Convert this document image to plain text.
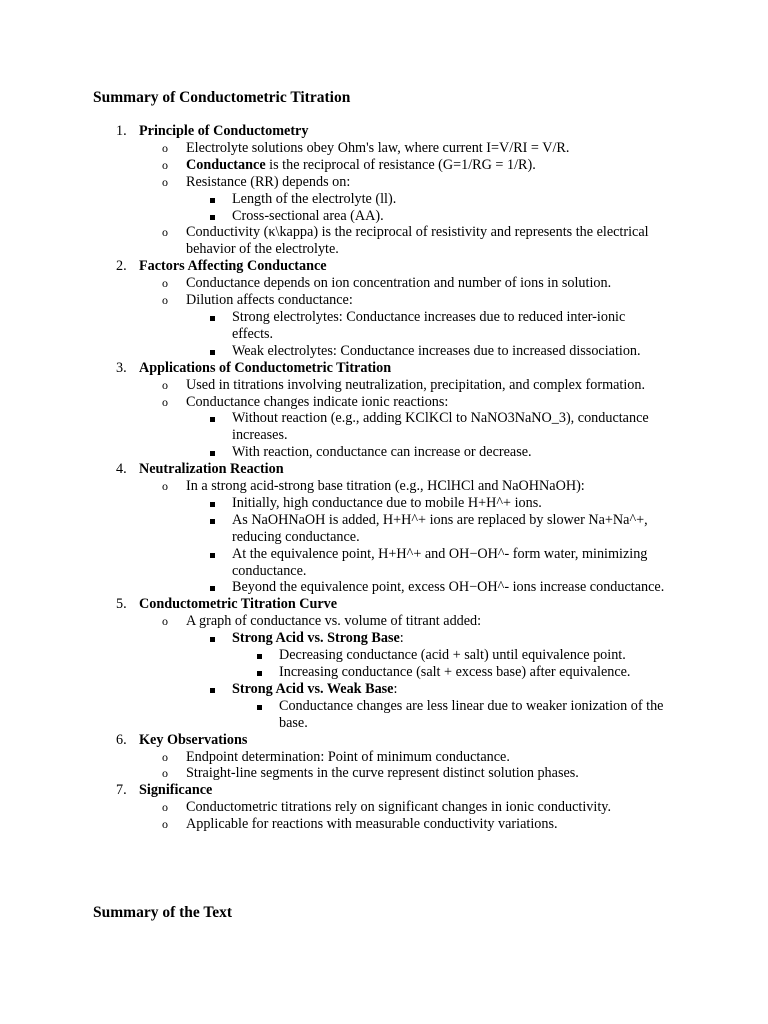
Summary of Conductometric Titration
1. Principle of Conductometry
o Electrolyte solutions obey Ohm's law, where current I=V/RI = V/R.
o Conductance is the reciprocal of resistance (G=1/RG = 1/R).
o Resistance (RR) depends on:
Length of the electrolyte (ll).
Cross-sectional area (AA).
o Conductivity (κ\kappa) is the reciprocal of resistivity and represents the electrical behavior of the electrolyte.
2. Factors Affecting Conductance
o Conductance depends on ion concentration and number of ions in solution.
o Dilution affects conductance:
Strong electrolytes: Conductance increases due to reduced inter-ionic effects.
Weak electrolytes: Conductance increases due to increased dissociation.
3. Applications of Conductometric Titration
o Used in titrations involving neutralization, precipitation, and complex formation.
o Conductance changes indicate ionic reactions:
Without reaction (e.g., adding KClKCl to NaNO3NaNO_3), conductance increases.
With reaction, conductance can increase or decrease.
4. Neutralization Reaction
o In a strong acid-strong base titration (e.g., HClHCl and NaOHNaOH):
Initially, high conductance due to mobile H+H^+ ions.
As NaOHNaOH is added, H+H^+ ions are replaced by slower Na+Na^+, reducing conductance.
At the equivalence point, H+H^+ and OH−OH^- form water, minimizing conductance.
Beyond the equivalence point, excess OH−OH^- ions increase conductance.
5. Conductometric Titration Curve
o A graph of conductance vs. volume of titrant added:
Strong Acid vs. Strong Base:
Decreasing conductance (acid + salt) until equivalence point.
Increasing conductance (salt + excess base) after equivalence.
Strong Acid vs. Weak Base:
Conductance changes are less linear due to weaker ionization of the base.
6. Key Observations
o Endpoint determination: Point of minimum conductance.
o Straight-line segments in the curve represent distinct solution phases.
7. Significance
o Conductometric titrations rely on significant changes in ionic conductivity.
o Applicable for reactions with measurable conductivity variations.
Summary of the Text
